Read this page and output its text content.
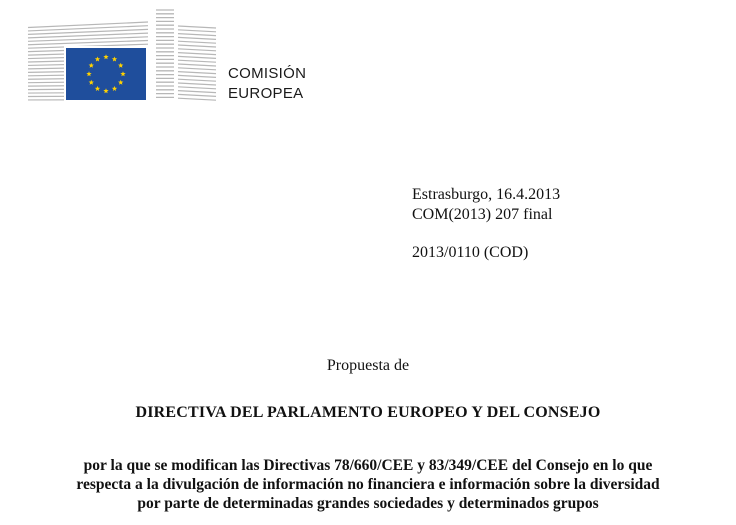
COMISIÓN
EUROPEA
Estrasburgo, 16.4.2013
COM(2013) 207 final
2013/0110 (COD)
Propuesta de
DIRECTIVA DEL PARLAMENTO EUROPEO Y DEL CONSEJO
por la que se modifican las Directivas 78/660/CEE y 83/349/CEE del Consejo en lo que
respecta a la divulgación de información no financiera e información sobre la diversidad
por parte de determinadas grandes sociedades y determinados grupos
